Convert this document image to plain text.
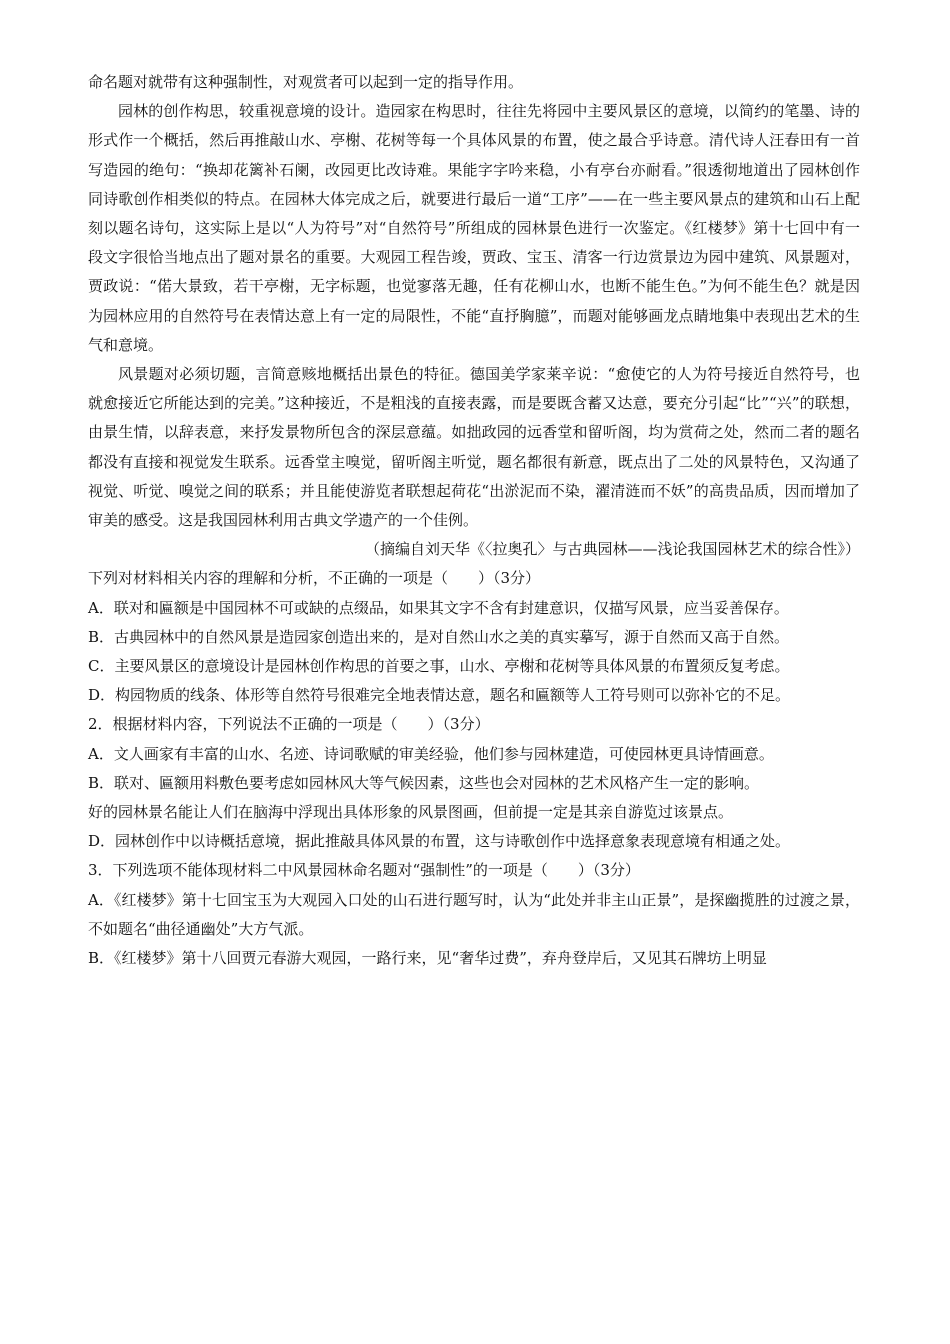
命名题对就带有这种强制性，对观赏者可以起到一定的指导作用。

园林的创作构思，较重视意境的设计。造园家在构思时，往往先将园中主要风景区的意境，以简约的笔墨、诗的形式作一个概括，然后再推敲山水、亭榭、花树等每一个具体风景的布置，使之最合乎诗意。清代诗人汪春田有一首写造园的绝句：“换却花篱补石阑，改园更比改诗难。果能字字吟来稳，小有亭台亦耐看。”很透彻地道出了园林创作同诗歌创作相类似的特点。在园林大体完成之后，就要进行最后一道“工序”——在一些主要风景点的建筑和山石上配刻以题名诗句，这实际上是以“人为符号”对“自然符号”所组成的园林景色进行一次鉴定。《红楼梦》第十七回中有一段文字很恰当地点出了题对景名的重要。大观园工程告竣，贾政、宝玉、清客一行边赏景边为园中建筑、风景题对，贾政说：“偌大景致，若干亭榭，无字标题，也觉寥落无趣，任有花柳山水，也断不能生色。”为何不能生色？就是因为园林应用的自然符号在表情达意上有一定的局限性，不能“直抒胸臆”，而题对能够画龙点睛地集中表现出艺术的生气和意境。

风景题对必须切题，言简意赅地概括出景色的特征。德国美学家莱辛说：“愈使它的人为符号接近自然符号，也就愈接近它所能达到的完美。”这种接近，不是粗浅的直接表露，而是要既含蓄又达意，要充分引起“比”“兴”的联想，由景生情，以辞表意，来抒发景物所包含的深层意蕴。如拙政园的远香堂和留听阁，均为赏荷之处，然而二者的题名都没有直接和视觉发生联系。远香堂主嗅觉，留听阁主听觉，题名都很有新意，既点出了二处的风景特色，又沟通了视觉、听觉、嗅觉之间的联系；并且能使游览者联想起荷花“出淤泥而不染，濯清涟而不妖”的高贵品质，因而增加了审美的感受。这是我国园林利用古典文学遗产的一个佳例。

（摘编自刘天华《〈拉奥孔〉与古典园林——浅论我国园林艺术的综合性》）

下列对材料相关内容的理解和分析，不正确的一项是（　　）（3分）

A．联对和匾额是中国园林不可或缺的点缀品，如果其文字不含有封建意识，仅描写风景，应当妥善保存。

B．古典园林中的自然风景是造园家创造出来的，是对自然山水之美的真实摹写，源于自然而又高于自然。

C．主要风景区的意境设计是园林创作构思的首要之事，山水、亭榭和花树等具体风景的布置须反复考虑。

D．构园物质的线条、体形等自然符号很难完全地表情达意，题名和匾额等人工符号则可以弥补它的不足。

2．根据材料内容，下列说法不正确的一项是（　　）（3分）

A．文人画家有丰富的山水、名迹、诗词歌赋的审美经验，他们参与园林建造，可使园林更具诗情画意。

B．联对、匾额用料敷色要考虑如园林风大等气候因素，这些也会对园林的艺术风格产生一定的影响。

好的园林景名能让人们在脑海中浮现出具体形象的风景图画，但前提一定是其亲自游览过该景点。

D．园林创作中以诗概括意境，据此推敲具体风景的布置，这与诗歌创作中选择意象表现意境有相通之处。

3．下列选项不能体现材料二中风景园林命名题对“强制性”的一项是（　　）（3分）

A．《红楼梦》第十七回宝玉为大观园入口处的山石进行题写时，认为“此处并非主山正景”，是探幽揽胜的过渡之景，不如题名“曲径通幽处”大方气派。

B．《红楼梦》第十八回贾元春游大观园，一路行来，见“奢华过费”，弃舟登岸后，又见其石牌坊上明显
